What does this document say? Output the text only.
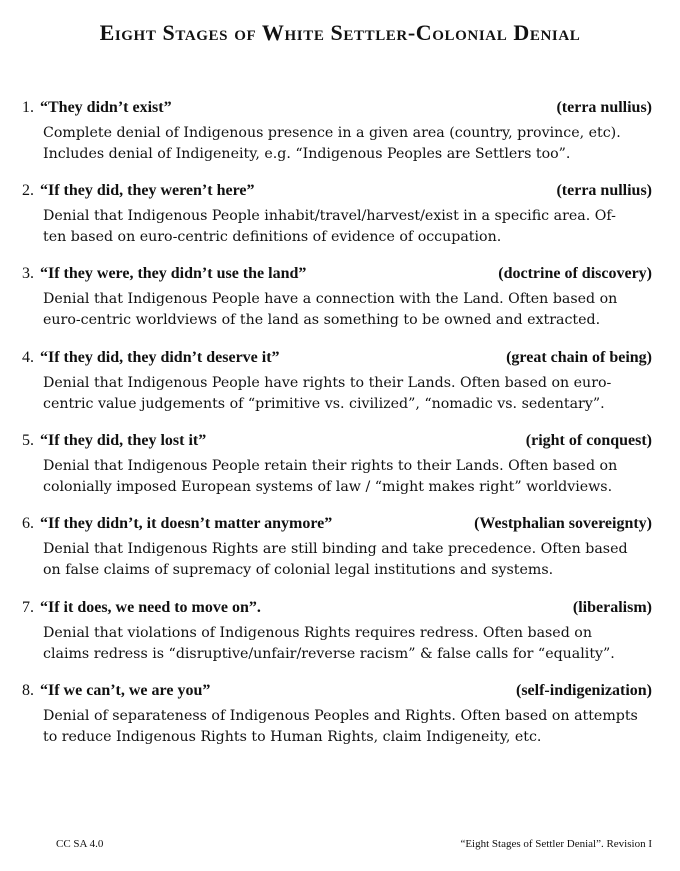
Eight Stages of White Settler-Colonial Denial
1. “They didn’t exist”	(terra nullius)
Complete denial of Indigenous presence in a given area (country, province, etc).
Includes denial of Indigeneity, e.g. “Indigenous Peoples are Settlers too”.
2. “If they did, they weren’t here”	(terra nullius)
Denial that Indigenous People inhabit/travel/harvest/exist in a specific area. Of-
ten based on euro-centric definitions of evidence of occupation.
3. “If they were, they didn’t use the land”	(doctrine of discovery)
Denial that Indigenous People have a connection with the Land. Often based on
euro-centric worldviews of the land as something to be owned and extracted.
4. “If they did, they didn’t deserve it”	(great chain of being)
Denial that Indigenous People have rights to their Lands. Often based on euro-
centric value judgements of “primitive vs. civilized”, “nomadic vs. sedentary”.
5. “If they did, they lost it”	(right of conquest)
Denial that Indigenous People retain their rights to their Lands. Often based on
colonially imposed European systems of law / “might makes right” worldviews.
6. “If they didn’t, it doesn’t matter anymore”	(Westphalian sovereignty)
Denial that Indigenous Rights are still binding and take precedence. Often based
on false claims of supremacy of colonial legal institutions and systems.
7. “If it does, we need to move on”.	(liberalism)
Denial that violations of Indigenous Rights requires redress. Often based on
claims redress is “disruptive/unfair/reverse racism” & false calls for “equality”.
8. “If we can’t, we are you”	(self-indigenization)
Denial of separateness of Indigenous Peoples and Rights. Often based on attempts
to reduce Indigenous Rights to Human Rights, claim Indigeneity, etc.
CC SA 4.0	“Eight Stages of Settler Denial”. Revision I
